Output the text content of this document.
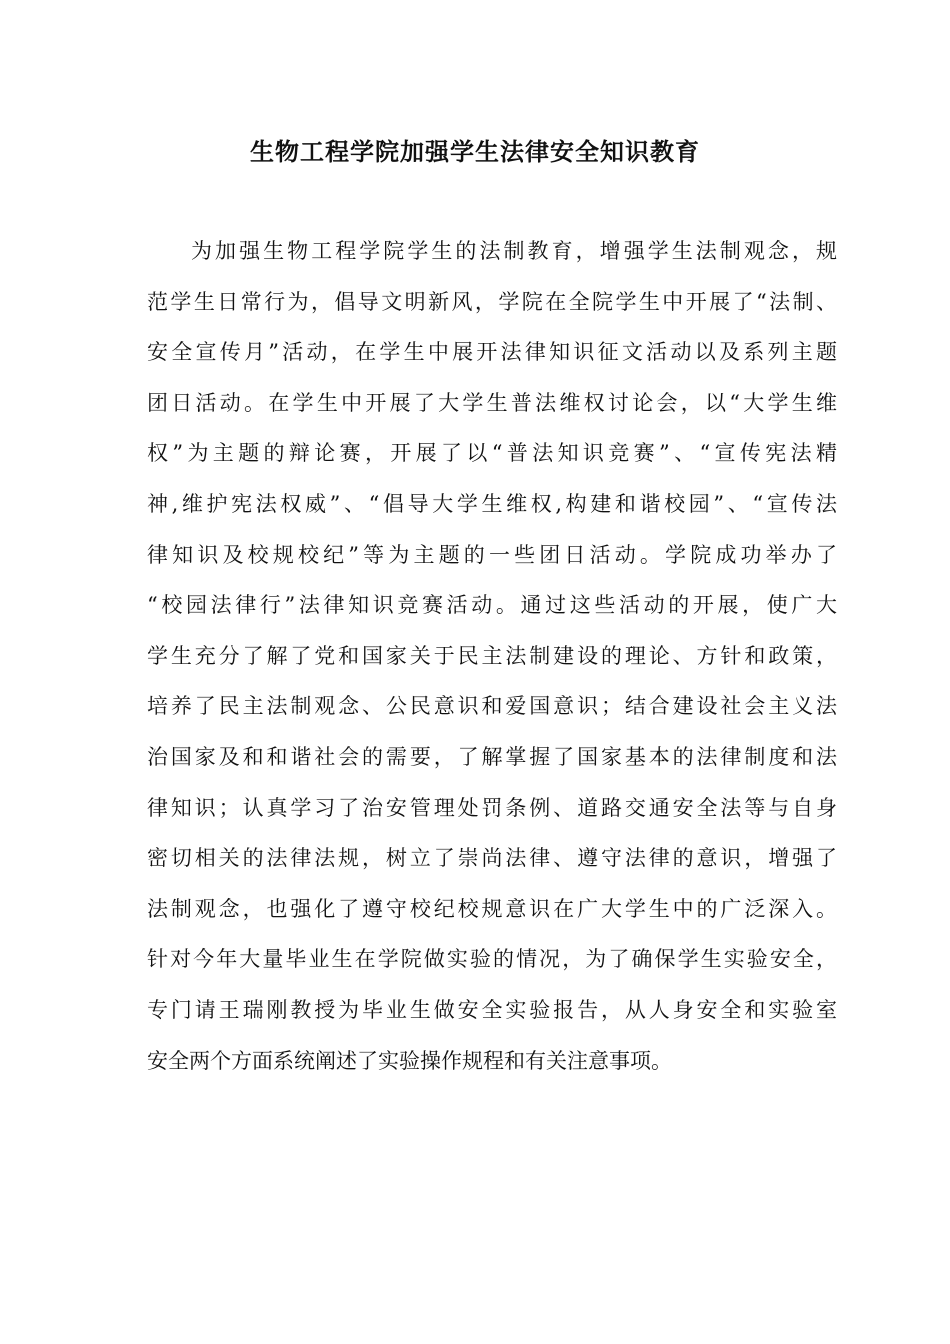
生物工程学院加强学生法律安全知识教育
为加强生物工程学院学生的法制教育，增强学生法制观念，规
范学生日常行为，倡导文明新风，学院在全院学生中开展了“法制、
安全宣传月”活动，在学生中展开法律知识征文活动以及系列主题
团日活动。在学生中开展了大学生普法维权讨论会，以“大学生维
权”为主题的辩论赛，开展了以“普法知识竞赛”、“宣传宪法精
神,维护宪法权威”、“倡导大学生维权,构建和谐校园”、“宣传法
律知识及校规校纪”等为主题的一些团日活动。学院成功举办了
“校园法律行”法律知识竞赛活动。通过这些活动的开展，使广大
学生充分了解了党和国家关于民主法制建设的理论、方针和政策，
培养了民主法制观念、公民意识和爱国意识；结合建设社会主义法
治国家及和和谐社会的需要，了解掌握了国家基本的法律制度和法
律知识；认真学习了治安管理处罚条例、道路交通安全法等与自身
密切相关的法律法规，树立了崇尚法律、遵守法律的意识，增强了
法制观念，也强化了遵守校纪校规意识在广大学生中的广泛深入。
针对今年大量毕业生在学院做实验的情况，为了确保学生实验安全，
专门请王瑞刚教授为毕业生做安全实验报告，从人身安全和实验室
安全两个方面系统阐述了实验操作规程和有关注意事项。
